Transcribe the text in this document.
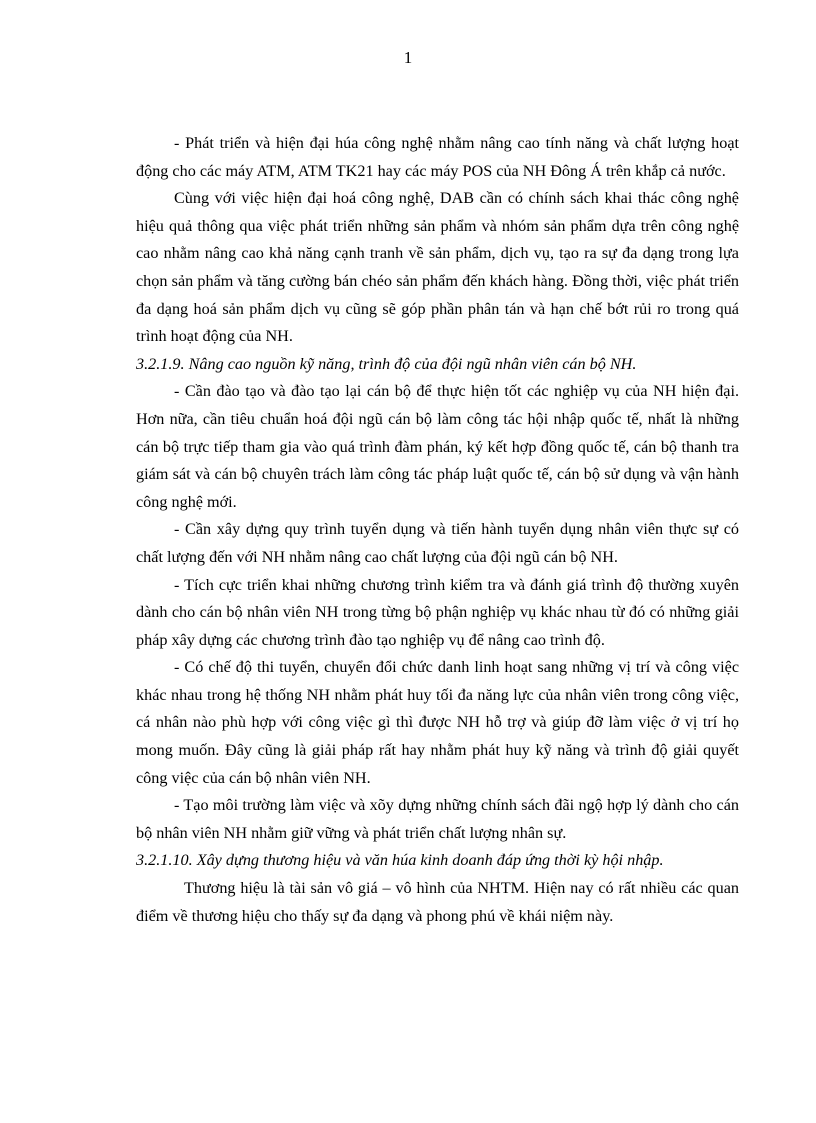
1

- Phát triển và hiện đại húa công nghệ nhằm nâng cao tính năng và chất lượng hoạt động cho các máy ATM, ATM TK21 hay các máy POS của NH Đông Á trên khắp cả nước.

Cùng với việc hiện đại hoá công nghệ, DAB cần có chính sách khai thác công nghệ hiệu quả thông qua việc phát triển những sản phẩm và nhóm sản phẩm dựa trên công nghệ cao nhằm nâng cao khả năng cạnh tranh về sản phẩm, dịch vụ, tạo ra sự đa dạng trong lựa chọn sản phẩm và tăng cường bán chéo sản phẩm đến khách hàng. Đồng thời, việc phát triển đa dạng hoá sản phẩm dịch vụ cũng sẽ góp phần phân tán và hạn chế bớt rủi ro trong quá trình hoạt động của NH.

3.2.1.9. Nâng cao nguồn kỹ năng, trình độ của đội ngũ nhân viên cán bộ NH.

- Cần đào tạo và đào tạo lại cán bộ để thực hiện tốt các nghiệp vụ của NH hiện đại. Hơn nữa, cần tiêu chuẩn hoá đội ngũ cán bộ làm công tác hội nhập quốc tế, nhất là những cán bộ trực tiếp tham gia vào quá trình đàm phán, ký kết hợp đồng quốc tế, cán bộ thanh tra giám sát và cán bộ chuyên trách làm công tác pháp luật quốc tế, cán bộ sử dụng và vận hành công nghệ mới.

- Cần xây dựng quy trình tuyển dụng và tiến hành tuyển dụng nhân viên thực sự có chất lượng đến với NH nhằm nâng cao chất lượng của đội ngũ cán bộ NH.

- Tích cực triển khai những chương trình kiểm tra và đánh giá trình độ thường xuyên dành cho cán bộ nhân viên NH trong từng bộ phận nghiệp vụ khác nhau từ đó có những giải pháp xây dựng các chương trình đào tạo nghiệp vụ để nâng cao trình độ.

- Có chế độ thi tuyển, chuyển đổi chức danh linh hoạt sang những vị trí và công việc khác nhau trong hệ thống NH nhằm phát huy tối đa năng lực của nhân viên trong công việc, cá nhân nào phù hợp với công việc gì thì được NH hỗ trợ và giúp đỡ làm việc ở vị trí họ mong muốn. Đây cũng là giải pháp rất hay nhằm phát huy kỹ năng và trình độ giải quyết công việc của cán bộ nhân viên NH.

- Tạo môi trường làm việc và xõy dựng những chính sách đãi ngộ hợp lý dành cho cán bộ nhân viên NH nhằm giữ vững và phát triển chất lượng nhân sự.

3.2.1.10. Xây dựng thương hiệu và văn húa kinh doanh đáp ứng thời kỳ hội nhập.

Thương hiệu là tài sản vô giá – vô hình của NHTM. Hiện nay có rất nhiều các quan điểm về thương hiệu cho thấy sự đa dạng và phong phú về khái niệm này.
